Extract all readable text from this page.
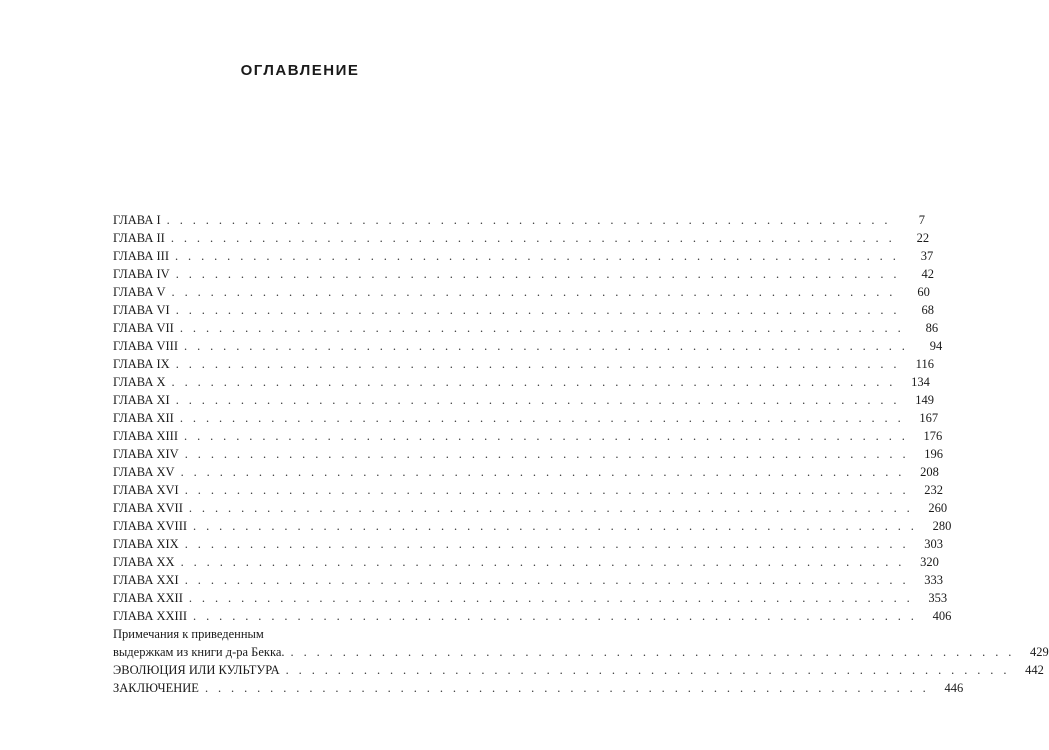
ОГЛАВЛЕНИЕ
ГЛАВА I . . . . . . . . . . . . . . . . . . . . . . . . . . . . . . . . . . . . . . . . . . . . . . . . . . . . . . . .	7
ГЛАВА II . . . . . . . . . . . . . . . . . . . . . . . . . . . . . . . . . . . . . . . . . . . . . . . . . . . . . . . .	22
ГЛАВА III . . . . . . . . . . . . . . . . . . . . . . . . . . . . . . . . . . . . . . . . . . . . . . . . . . . . . . . .	37
ГЛАВА IV . . . . . . . . . . . . . . . . . . . . . . . . . . . . . . . . . . . . . . . . . . . . . . . . . . . . . . . .	42
ГЛАВА V . . . . . . . . . . . . . . . . . . . . . . . . . . . . . . . . . . . . . . . . . . . . . . . . . . . . . . . .	60
ГЛАВА VI . . . . . . . . . . . . . . . . . . . . . . . . . . . . . . . . . . . . . . . . . . . . . . . . . . . . . . . .	68
ГЛАВА VII . . . . . . . . . . . . . . . . . . . . . . . . . . . . . . . . . . . . . . . . . . . . . . . . . . . . . . . .	86
ГЛАВА VIII . . . . . . . . . . . . . . . . . . . . . . . . . . . . . . . . . . . . . . . . . . . . . . . . . . . . . . . .	94
ГЛАВА IX . . . . . . . . . . . . . . . . . . . . . . . . . . . . . . . . . . . . . . . . . . . . . . . . . . . . . . . .	116
ГЛАВА X . . . . . . . . . . . . . . . . . . . . . . . . . . . . . . . . . . . . . . . . . . . . . . . . . . . . . . . .	134
ГЛАВА XI . . . . . . . . . . . . . . . . . . . . . . . . . . . . . . . . . . . . . . . . . . . . . . . . . . . . . . . .	149
ГЛАВА XII . . . . . . . . . . . . . . . . . . . . . . . . . . . . . . . . . . . . . . . . . . . . . . . . . . . . . . . .	167
ГЛАВА XIII . . . . . . . . . . . . . . . . . . . . . . . . . . . . . . . . . . . . . . . . . . . . . . . . . . . . . . . .	176
ГЛАВА XIV . . . . . . . . . . . . . . . . . . . . . . . . . . . . . . . . . . . . . . . . . . . . . . . . . . . . . . . .	196
ГЛАВА XV . . . . . . . . . . . . . . . . . . . . . . . . . . . . . . . . . . . . . . . . . . . . . . . . . . . . . . . .	208
ГЛАВА XVI . . . . . . . . . . . . . . . . . . . . . . . . . . . . . . . . . . . . . . . . . . . . . . . . . . . . . . . .	232
ГЛАВА XVII . . . . . . . . . . . . . . . . . . . . . . . . . . . . . . . . . . . . . . . . . . . . . . . . . . . . . . . .	260
ГЛАВА XVIII . . . . . . . . . . . . . . . . . . . . . . . . . . . . . . . . . . . . . . . . . . . . . . . . . . . . . . . .	280
ГЛАВА XIX . . . . . . . . . . . . . . . . . . . . . . . . . . . . . . . . . . . . . . . . . . . . . . . . . . . . . . . .	303
ГЛАВА XX . . . . . . . . . . . . . . . . . . . . . . . . . . . . . . . . . . . . . . . . . . . . . . . . . . . . . . . .	320
ГЛАВА XXI . . . . . . . . . . . . . . . . . . . . . . . . . . . . . . . . . . . . . . . . . . . . . . . . . . . . . . . .	333
ГЛАВА XXII . . . . . . . . . . . . . . . . . . . . . . . . . . . . . . . . . . . . . . . . . . . . . . . . . . . . . . . .	353
ГЛАВА XXIII . . . . . . . . . . . . . . . . . . . . . . . . . . . . . . . . . . . . . . . . . . . . . . . . . . . . . . . .	406
Примечания к приведенным
выдержкам из книги д-ра Бекка. . . . . . . . . . . . . . . . . . . . . . . . . . . . . . . . . . . . . . . . . . . . . . . . . . . . . . . . .	429
ЭВОЛЮЦИЯ ИЛИ КУЛЬТУРА . . . . . . . . . . . . . . . . . . . . . . . . . . . . . . . . . . . . . . . . . . . . . . . . . . . . . . . .	442
ЗАКЛЮЧЕНИЕ . . . . . . . . . . . . . . . . . . . . . . . . . . . . . . . . . . . . . . . . . . . . . . . . . . . . . . . .	446
